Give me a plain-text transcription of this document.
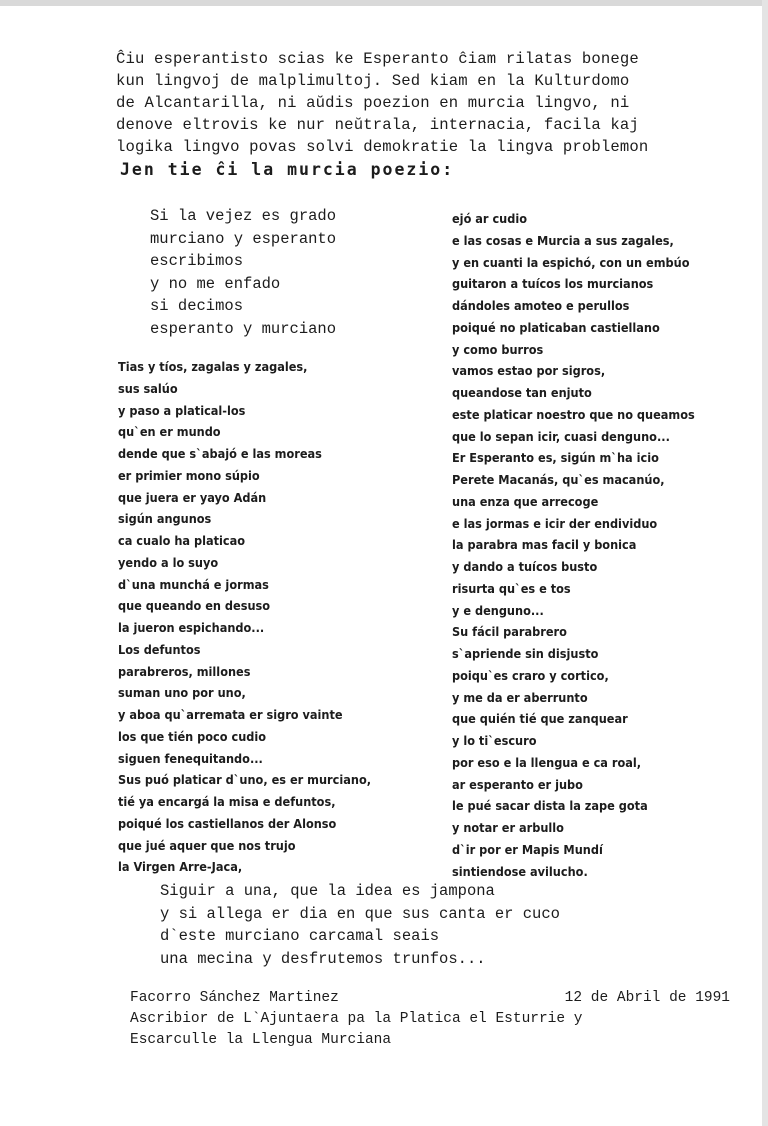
Ĉiu esperantisto scias ke Esperanto ĉiam rilatas bonege
kun lingvoj de malplimultoj. Sed kiam en la Kulturdomo
de Alcantarilla, ni aŭdis poezion en murcia lingvo, ni
denove eltrovis ke nur neŭtrala, internacia, facila kaj
logika lingvo povas solvi demokratie la lingva problemon
Jen tie ĉi la murcia poezio:
Si la vejez es grado
murciano y esperanto
escribimos
y no me enfado
si decimos
esperanto y murciano
Tias y tíos, zagalas y zagales,
sus salúo
y paso a platical-los
qu`en er mundo
dende que s`abajó e las moreas
er primier mono súpio
que juera er yayo Adán
sigún angunos
ca cualo ha platicao
yendo a lo suyo
d`una munchá e jormas
que queando en desuso
la jueron espichando...
Los defuntos
parabreros, millones
suman uno por uno,
y aboa qu`arremata er sigro vainte
los que tién poco cudio
siguen fenequitando...
Sus puó platicar d`uno, es er murciano,
tié ya encargá la misa e defuntos,
poiqué los castiellanos der Alonso
que jué aquer que nos trujo
la Virgen Arre-Jaca,
ejó ar cudio
e las cosas e Murcia a sus zagales,
y en cuanti la espichó, con un embúo
guitaron a tuícos los murcianos
dándoles amoteo e perullos
poiqué no platicaban castiellano
y como burros
vamos estao por sigros,
queandose tan enjuto
este platicar noestro que no queamos
que lo sepan icir, cuasi denguno...
Er Esperanto es, sigún m`ha icio
Perete Macanás, qu`es macanúo,
una enza que arrecoge
e las jormas e icir der endividuo
la parabra mas facil y bonica
y dando a tuícos busto
risurta qu`es e tos
y e denguno...
Su fácil parabrero
s`apriende sin disjusto
poiqu`es craro y cortico,
y me da er aberrunto
que quién tié que zanquear
y lo ti`escuro
por eso e la llengua e ca roal,
ar esperanto er jubo
le pué sacar dista la zape gota
y notar er arbullo
d`ir por er Mapis Mundí
sintiendose avilucho.
Siguir a una, que la idea es jampona
y si allega er dia en que sus canta er cuco
d`este murciano carcamal seais
una mecina y desfrutemos trunfos...
Facorro Sánchez Martinez	12 de Abril de 1991
Ascribior de L`Ajuntaera pa la Platica el Esturrie y
Escarculle la Llengua Murciana
